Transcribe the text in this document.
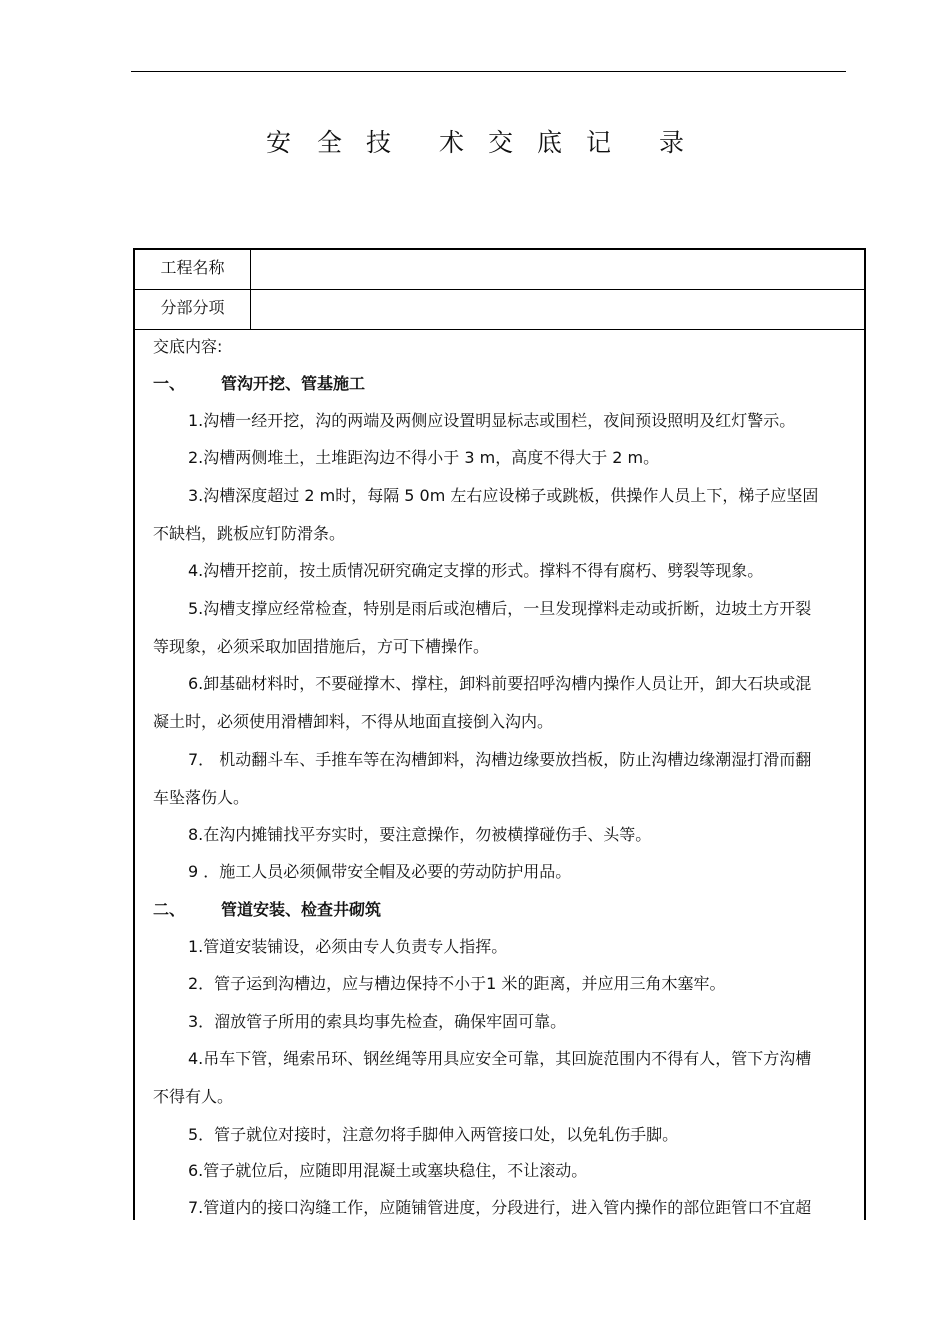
安 全 技 术 交 底 记 录
工程名称
分部分项
交底内容:
一、 管沟开挖、管基施工
1.沟槽一经开挖，沟的两端及两侧应设置明显标志或围栏，夜间预设照明及红灯警示。
2.沟槽两侧堆土，土堆距沟边不得小于 3 m，高度不得大于 2 m。
3.沟槽深度超过 2 m时，每隔 5 0m 左右应设梯子或跳板，供操作人员上下，梯子应坚固
不缺档，跳板应钉防滑条。
4.沟槽开挖前，按土质情况研究确定支撑的形式。撑料不得有腐朽、劈裂等现象。
5.沟槽支撑应经常检查，特别是雨后或泡槽后，一旦发现撑料走动或折断，边坡土方开裂
等现象，必须采取加固措施后，方可下槽操作。
6.卸基础材料时，不要碰撑木、撑柱，卸料前要招呼沟槽内操作人员让开，卸大石块或混
凝土时，必须使用滑槽卸料，不得从地面直接倒入沟内。
7． 机动翻斗车、手推车等在沟槽卸料，沟槽边缘要放挡板，防止沟槽边缘潮湿打滑而翻
车坠落伤人。
8.在沟内摊铺找平夯实时，要注意操作，勿被横撑碰伤手、头等。
9 ．施工人员必须佩带安全帽及必要的劳动防护用品。
二、 管道安装、检查井砌筑
1.管道安装铺设，必须由专人负责专人指挥。
2．管子运到沟槽边，应与槽边保持不小于1 米的距离，并应用三角木塞牢。
3．溜放管子所用的索具均事先检查，确保牢固可靠。
4.吊车下管，绳索吊环、钢丝绳等用具应安全可靠，其回旋范围内不得有人，管下方沟槽
不得有人。
5．管子就位对接时，注意勿将手脚伸入两管接口处，以免轧伤手脚。
6.管子就位后，应随即用混凝土或塞块稳住，不让滚动。
7.管道内的接口沟缝工作，应随铺管进度，分段进行，进入管内操作的部位距管口不宜超
